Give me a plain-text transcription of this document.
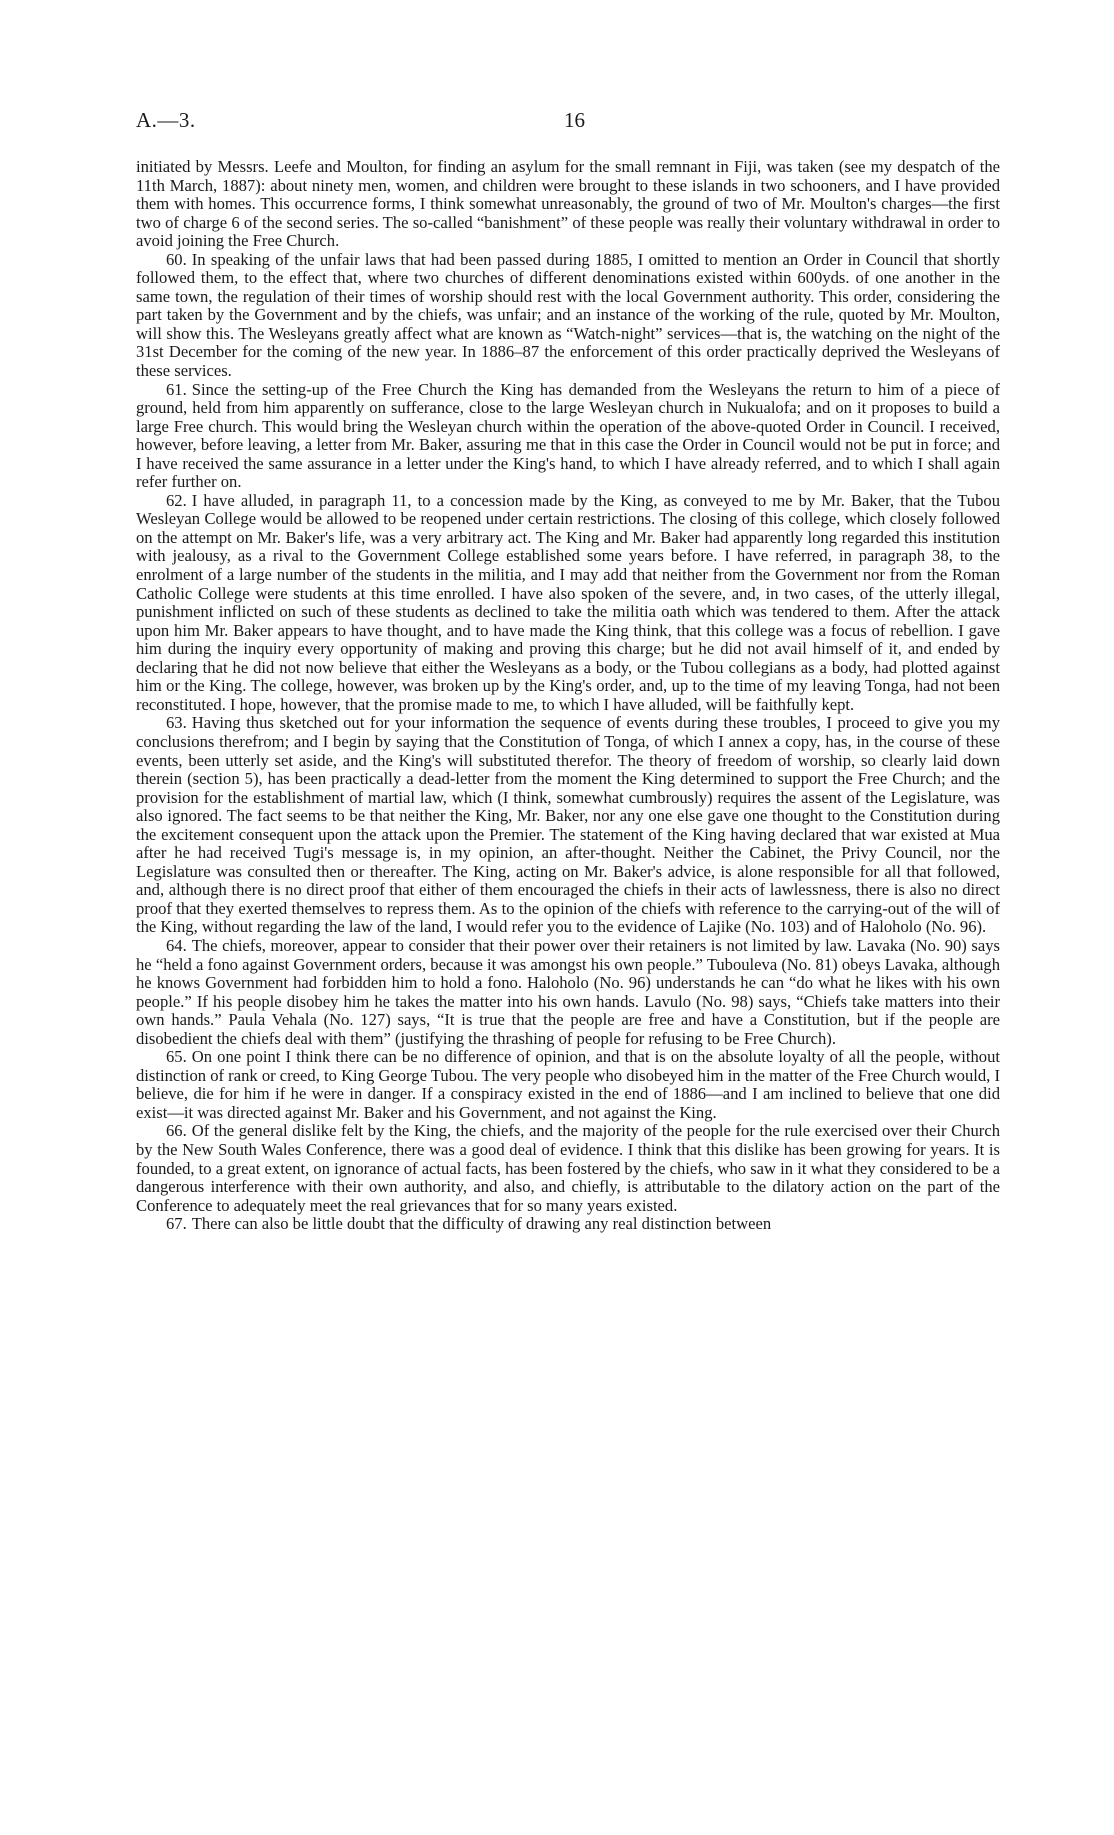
A.—3.	16

initiated by Messrs. Leefe and Moulton, for finding an asylum for the small remnant in Fiji, was taken (see my despatch of the 11th March, 1887): about ninety men, women, and children were brought to these islands in two schooners, and I have provided them with homes. This occurrence forms, I think somewhat unreasonably, the ground of two of Mr. Moulton's charges—the first two of charge 6 of the second series. The so-called “banishment” of these people was really their voluntary withdrawal in order to avoid joining the Free Church.

60. In speaking of the unfair laws that had been passed during 1885, I omitted to mention an Order in Council that shortly followed them, to the effect that, where two churches of different denominations existed within 600yds. of one another in the same town, the regulation of their times of worship should rest with the local Government authority. This order, considering the part taken by the Government and by the chiefs, was unfair; and an instance of the working of the rule, quoted by Mr. Moulton, will show this. The Wesleyans greatly affect what are known as “Watch-night” services—that is, the watching on the night of the 31st December for the coming of the new year. In 1886–87 the enforcement of this order practically deprived the Wesleyans of these services.

61. Since the setting-up of the Free Church the King has demanded from the Wesleyans the return to him of a piece of ground, held from him apparently on sufferance, close to the large Wesleyan church in Nukualofa; and on it proposes to build a large Free church. This would bring the Wesleyan church within the operation of the above-quoted Order in Council. I received, however, before leaving, a letter from Mr. Baker, assuring me that in this case the Order in Council would not be put in force; and I have received the same assurance in a letter under the King's hand, to which I have already referred, and to which I shall again refer further on.

62. I have alluded, in paragraph 11, to a concession made by the King, as conveyed to me by Mr. Baker, that the Tubou Wesleyan College would be allowed to be reopened under certain restrictions. The closing of this college, which closely followed on the attempt on Mr. Baker's life, was a very arbitrary act. The King and Mr. Baker had apparently long regarded this institution with jealousy, as a rival to the Government College established some years before. I have referred, in paragraph 38, to the enrolment of a large number of the students in the militia, and I may add that neither from the Government nor from the Roman Catholic College were students at this time enrolled. I have also spoken of the severe, and, in two cases, of the utterly illegal, punishment inflicted on such of these students as declined to take the militia oath which was tendered to them. After the attack upon him Mr. Baker appears to have thought, and to have made the King think, that this college was a focus of rebellion. I gave him during the inquiry every opportunity of making and proving this charge; but he did not avail himself of it, and ended by declaring that he did not now believe that either the Wesleyans as a body, or the Tubou collegians as a body, had plotted against him or the King. The college, however, was broken up by the King's order, and, up to the time of my leaving Tonga, had not been reconstituted. I hope, however, that the promise made to me, to which I have alluded, will be faithfully kept.

63. Having thus sketched out for your information the sequence of events during these troubles, I proceed to give you my conclusions therefrom; and I begin by saying that the Constitution of Tonga, of which I annex a copy, has, in the course of these events, been utterly set aside, and the King's will substituted therefor. The theory of freedom of worship, so clearly laid down therein (section 5), has been practically a dead-letter from the moment the King determined to support the Free Church; and the provision for the establishment of martial law, which (I think, somewhat cumbrously) requires the assent of the Legislature, was also ignored. The fact seems to be that neither the King, Mr. Baker, nor any one else gave one thought to the Constitution during the excitement consequent upon the attack upon the Premier. The statement of the King having declared that war existed at Mua after he had received Tugi's message is, in my opinion, an after-thought. Neither the Cabinet, the Privy Council, nor the Legislature was consulted then or thereafter. The King, acting on Mr. Baker's advice, is alone responsible for all that followed, and, although there is no direct proof that either of them encouraged the chiefs in their acts of lawlessness, there is also no direct proof that they exerted themselves to repress them. As to the opinion of the chiefs with reference to the carrying-out of the will of the King, without regarding the law of the land, I would refer you to the evidence of Lajike (No. 103) and of Haloholo (No. 96).

64. The chiefs, moreover, appear to consider that their power over their retainers is not limited by law. Lavaka (No. 90) says he “held a fono against Government orders, because it was amongst his own people.” Tubouleva (No. 81) obeys Lavaka, although he knows Government had forbidden him to hold a fono. Haloholo (No. 96) understands he can “do what he likes with his own people.” If his people disobey him he takes the matter into his own hands. Lavulo (No. 98) says, “Chiefs take matters into their own hands.” Paula Vehala (No. 127) says, “It is true that the people are free and have a Constitution, but if the people are disobedient the chiefs deal with them” (justifying the thrashing of people for refusing to be Free Church).

65. On one point I think there can be no difference of opinion, and that is on the absolute loyalty of all the people, without distinction of rank or creed, to King George Tubou. The very people who disobeyed him in the matter of the Free Church would, I believe, die for him if he were in danger. If a conspiracy existed in the end of 1886—and I am inclined to believe that one did exist—it was directed against Mr. Baker and his Government, and not against the King.

66. Of the general dislike felt by the King, the chiefs, and the majority of the people for the rule exercised over their Church by the New South Wales Conference, there was a good deal of evidence. I think that this dislike has been growing for years. It is founded, to a great extent, on ignorance of actual facts, has been fostered by the chiefs, who saw in it what they considered to be a dangerous interference with their own authority, and also, and chiefly, is attributable to the dilatory action on the part of the Conference to adequately meet the real grievances that for so many years existed.

67. There can also be little doubt that the difficulty of drawing any real distinction between
